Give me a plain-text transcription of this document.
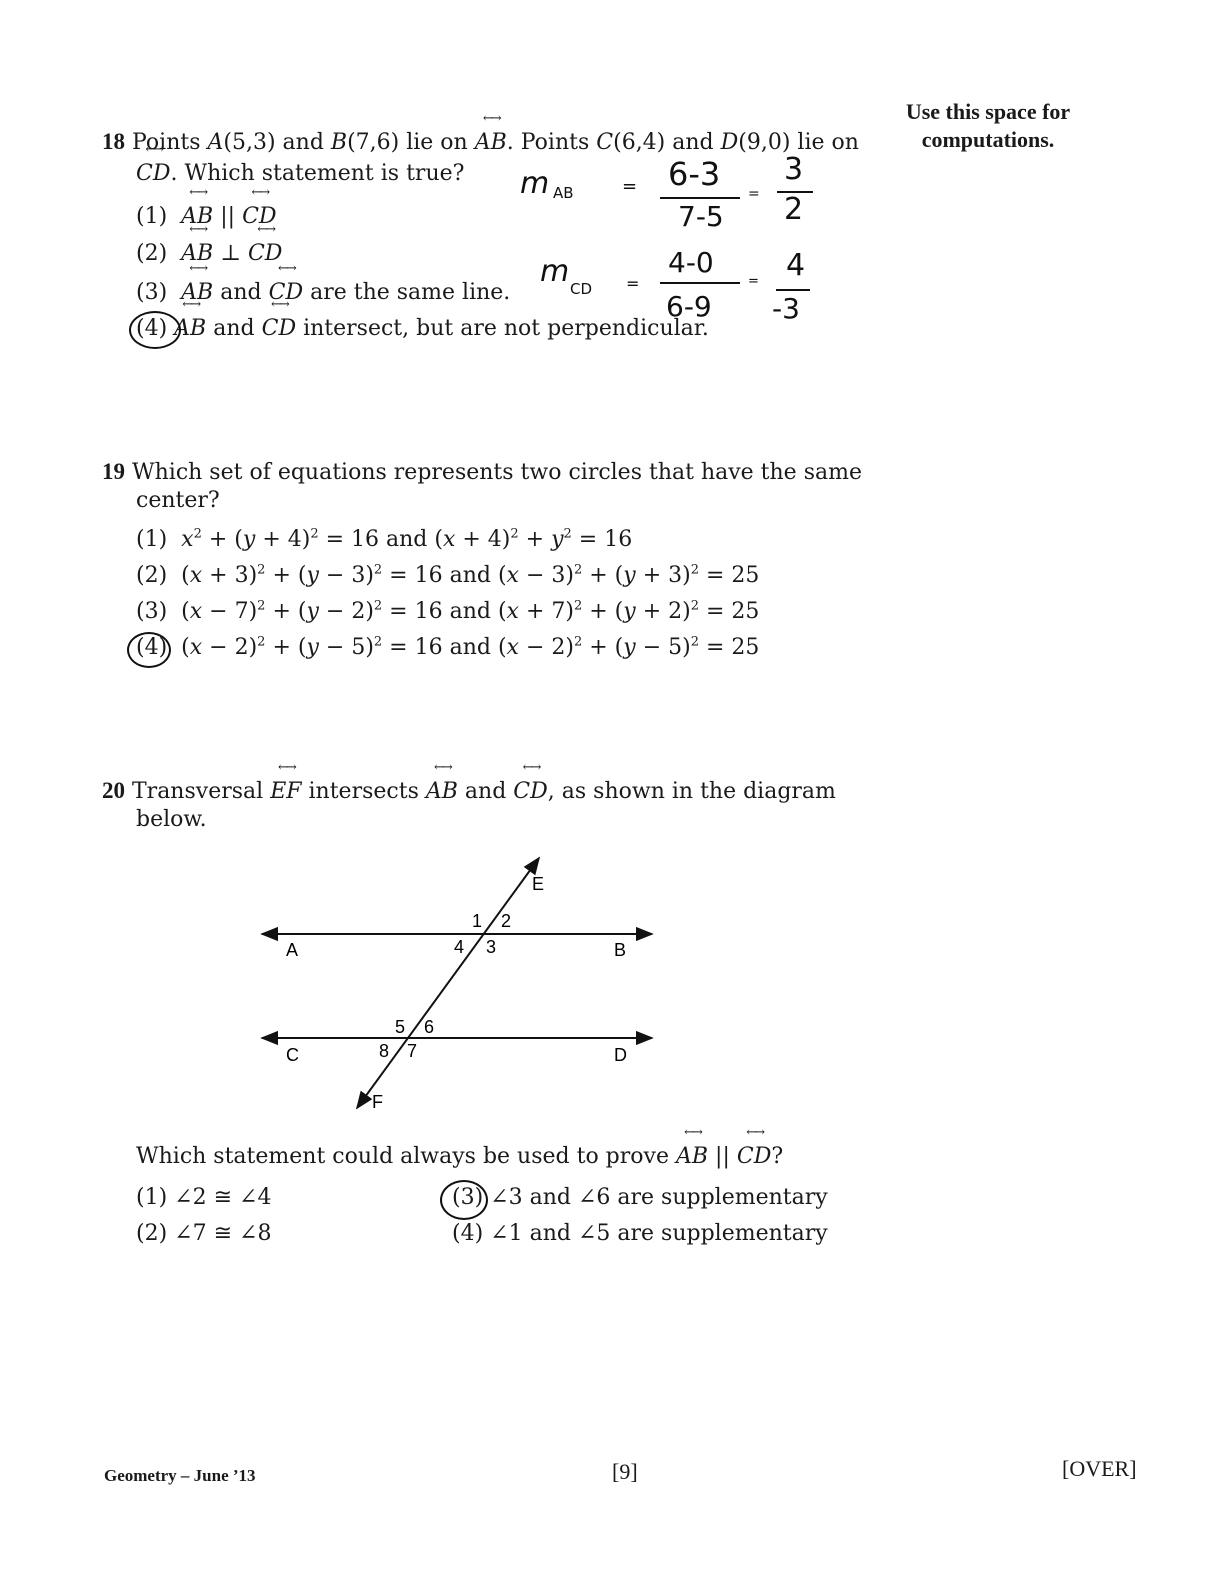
Use this space for
computations.
18 Points A(5,3) and B(7,6) lie on ←→ AB. Points C(6,4) and D(9,0) lie on
←→ CD. Which statement is true?
(1) ←→ AB || ←→ CD
(2) ←→ AB ⊥ ←→ CD
(3) ←→ AB and ←→ CD are the same line.
(4) ←→ AB and ←→ CD intersect, but are not perpendicular.
m AB	= 6-3
7-5
=
3
2
m CD =
4-0
6-9
= 4
-3
19 Which set of equations represents two circles that have the same
center?
(1) $x^2 + (y + 4)^2 = 16$ and $(x + 4)^2 + y^2 = 16$
(2)  $(x + 3)^2 + (y - 3)^2 = 16$ and $(x - 3)^2 + (y + 3)^2 = 25$
(3)  $(x - 7)^2 + (y - 2)^2 = 16$ and $(x + 7)^2 + (y + 2)^2 = 25$
(4)  $(x - 2)^2 + (y - 5)^2 = 16$ and $(x - 2)^2 + (y - 5)^2 = 25$
20 Transversal ←→ EF intersects ←→ AB and ←→ CD, as shown in the diagram
below.
A	B
C	D
E
F
1 2
4 3
5 6
8 7
Which statement could always be used to prove ←→ AB || ←→ CD?
(1) ∠2 ≅ ∠4
(2) ∠7 ≅ ∠8
(3) ∠3 and ∠6 are supplementary
(4) ∠1 and ∠5 are supplementary
Geometry – June ’13	[9]	[OVER]
